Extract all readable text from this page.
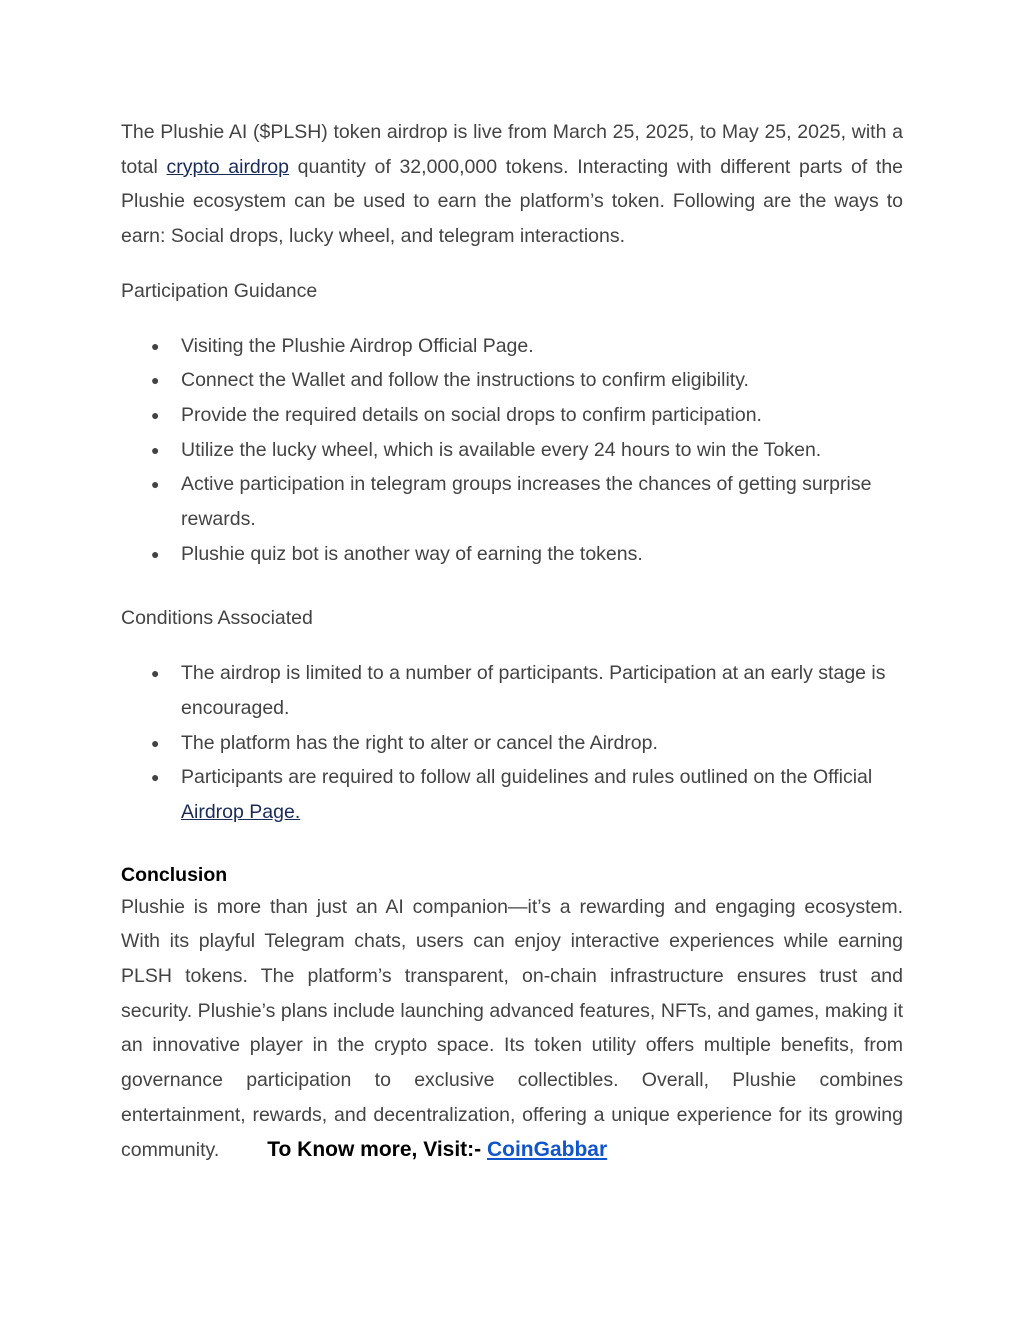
The Plushie AI ($PLSH) token airdrop is live from March 25, 2025, to May 25, 2025, with a total crypto airdrop quantity of 32,000,000 tokens. Interacting with different parts of the Plushie ecosystem can be used to earn the platform’s token. Following are the ways to earn: Social drops, lucky wheel, and telegram interactions.

Participation Guidance

● Visiting the Plushie Airdrop Official Page.
● Connect the Wallet and follow the instructions to confirm eligibility.
● Provide the required details on social drops to confirm participation.
● Utilize the lucky wheel, which is available every 24 hours to win the Token.
● Active participation in telegram groups increases the chances of getting surprise rewards.
● Plushie quiz bot is another way of earning the tokens.

Conditions Associated

● The airdrop is limited to a number of participants. Participation at an early stage is encouraged.
● The platform has the right to alter or cancel the Airdrop.
● Participants are required to follow all guidelines and rules outlined on the Official Airdrop Page.

Conclusion

Plushie is more than just an AI companion—it’s a rewarding and engaging ecosystem. With its playful Telegram chats, users can enjoy interactive experiences while earning PLSH tokens. The platform’s transparent, on-chain infrastructure ensures trust and security. Plushie’s plans include launching advanced features, NFTs, and games, making it an innovative player in the crypto space. Its token utility offers multiple benefits, from governance participation to exclusive collectibles. Overall, Plushie combines entertainment, rewards, and decentralization, offering a unique experience for its growing community. To Know more, Visit:- CoinGabbar
